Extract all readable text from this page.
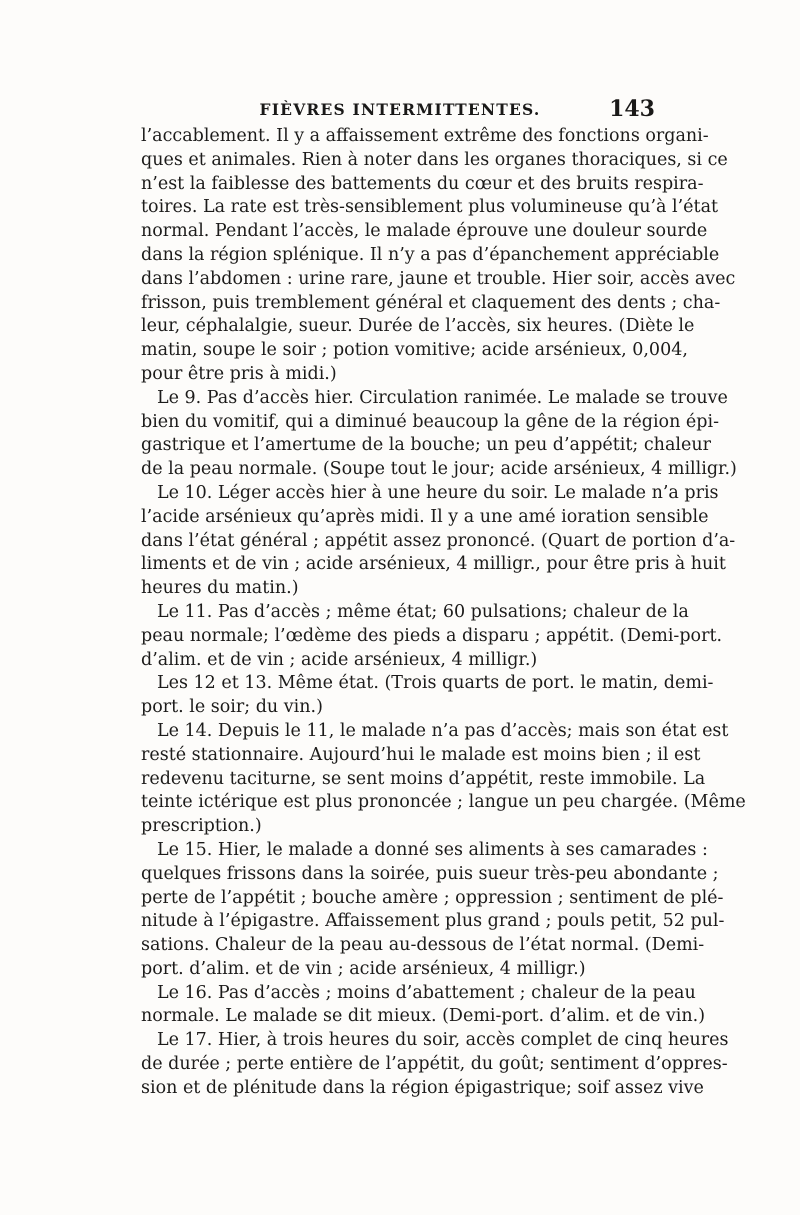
FIÈVRES INTERMITTENTES.	143
l’accablement. Il y a affaissement extrême des fonctions organi-
ques et animales. Rien à noter dans les organes thoraciques, si ce
n’est la faiblesse des battements du cœur et des bruits respira-
toires. La rate est très-sensiblement plus volumineuse qu’à l’état
normal. Pendant l’accès, le malade éprouve une douleur sourde
dans la région splénique. Il n’y a pas d’épanchement appréciable
dans l’abdomen : urine rare, jaune et trouble. Hier soir, accès avec
frisson, puis tremblement général et claquement des dents ; cha-
leur, céphalalgie, sueur. Durée de l’accès, six heures. (Diète le
matin, soupe le soir ; potion vomitive; acide arsénieux, 0,004,
pour être pris à midi.)
Le 9. Pas d’accès hier. Circulation ranimée. Le malade se trouve
bien du vomitif, qui a diminué beaucoup la gêne de la région épi-
gastrique et l’amertume de la bouche; un peu d’appétit; chaleur
de la peau normale. (Soupe tout le jour; acide arsénieux, 4 milligr.)
Le 10. Léger accès hier à une heure du soir. Le malade n’a pris
l’acide arsénieux qu’après midi. Il y a une amé ioration sensible
dans l’état général ; appétit assez prononcé. (Quart de portion d’a-
liments et de vin ; acide arsénieux, 4 milligr., pour être pris à huit
heures du matin.)
Le 11. Pas d’accès ; même état; 60 pulsations; chaleur de la
peau normale; l’œdème des pieds a disparu ; appétit. (Demi-port.
d’alim. et de vin ; acide arsénieux, 4 milligr.)
Les 12 et 13. Même état. (Trois quarts de port. le matin, demi-
port. le soir; du vin.)
Le 14. Depuis le 11, le malade n’a pas d’accès; mais son état est
resté stationnaire. Aujourd’hui le malade est moins bien ; il est
redevenu taciturne, se sent moins d’appétit, reste immobile. La
teinte ictérique est plus prononcée ; langue un peu chargée. (Même
prescription.)
Le 15. Hier, le malade a donné ses aliments à ses camarades :
quelques frissons dans la soirée, puis sueur très-peu abondante ;
perte de l’appétit ; bouche amère ; oppression ; sentiment de plé-
nitude à l’épigastre. Affaissement plus grand ; pouls petit, 52 pul-
sations. Chaleur de la peau au-dessous de l’état normal. (Demi-
port. d’alim. et de vin ; acide arsénieux, 4 milligr.)
Le 16. Pas d’accès ; moins d’abattement ; chaleur de la peau
normale. Le malade se dit mieux. (Demi-port. d’alim. et de vin.)
Le 17. Hier, à trois heures du soir, accès complet de cinq heures
de durée ; perte entière de l’appétit, du goût; sentiment d’oppres-
sion et de plénitude dans la région épigastrique; soif assez vive
